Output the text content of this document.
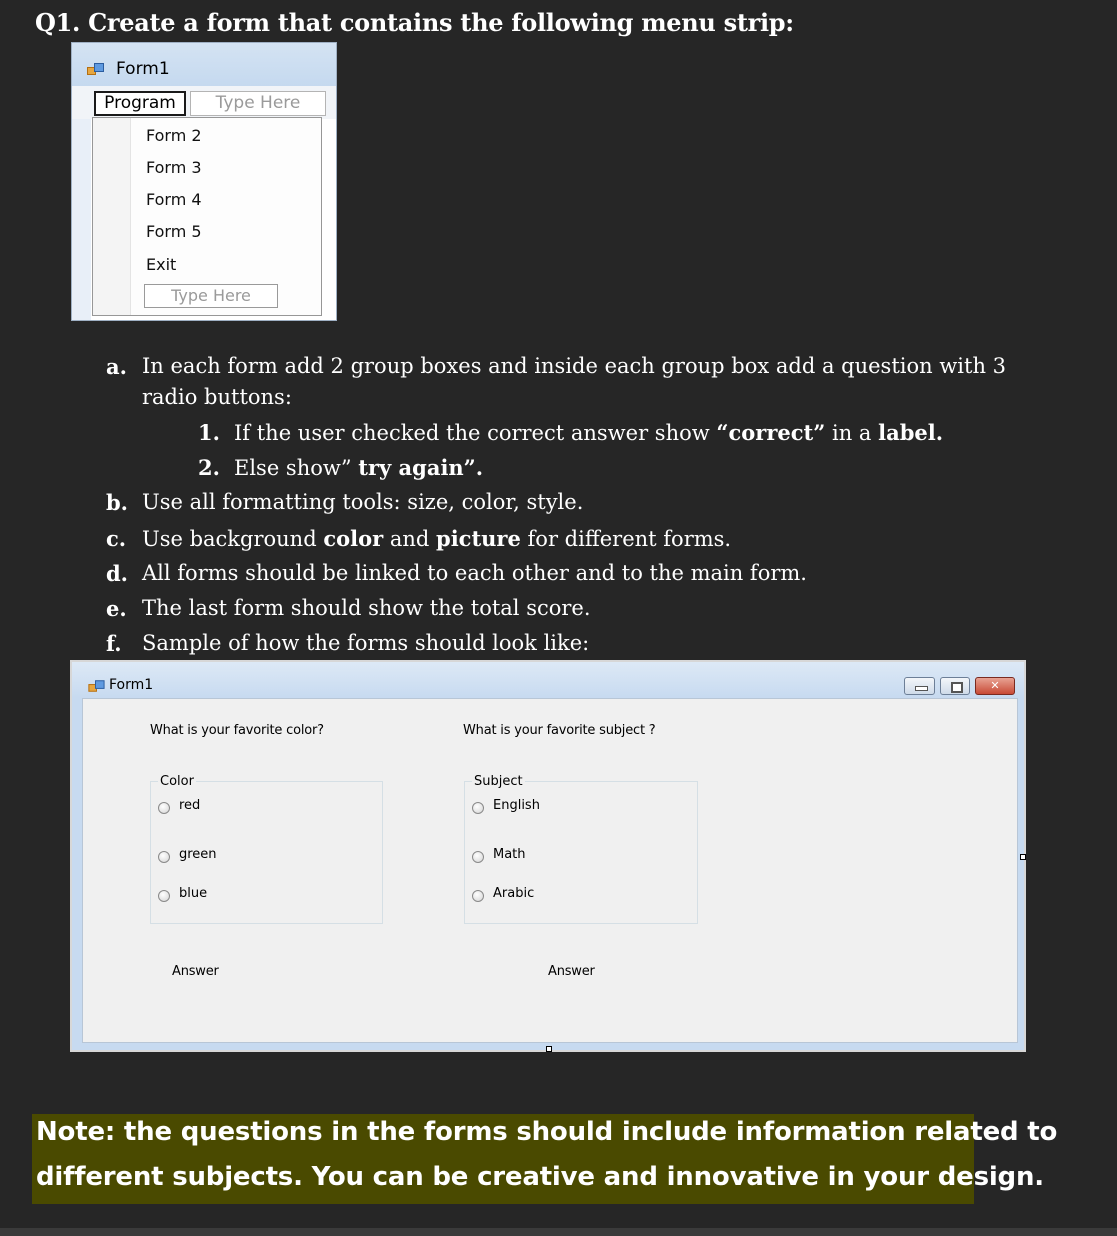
Q1. Create a form that contains the following menu strip:
Form1
Program	Type Here
Form 2
Form 3
Form 4
Form 5
Exit
Type Here
a. In each form add 2 group boxes and inside each group box add a question with 3
radio buttons:
1. If the user checked the correct answer show “correct” in a label.
2. Else show” try again”.
b. Use all formatting tools: size, color, style.
c. Use background color and picture for different forms.
d. All forms should be linked to each other and to the main form.
e. The last form should show the total score.
f. Sample of how the forms should look like:
Form1	✕
What is your favorite color?	What is your favorite subject ?
Color
red
green
blue
Subject
English
Math
Arabic
Answer	Answer
Note: the questions in the forms should include information related to
different subjects. You can be creative and innovative in your design.
